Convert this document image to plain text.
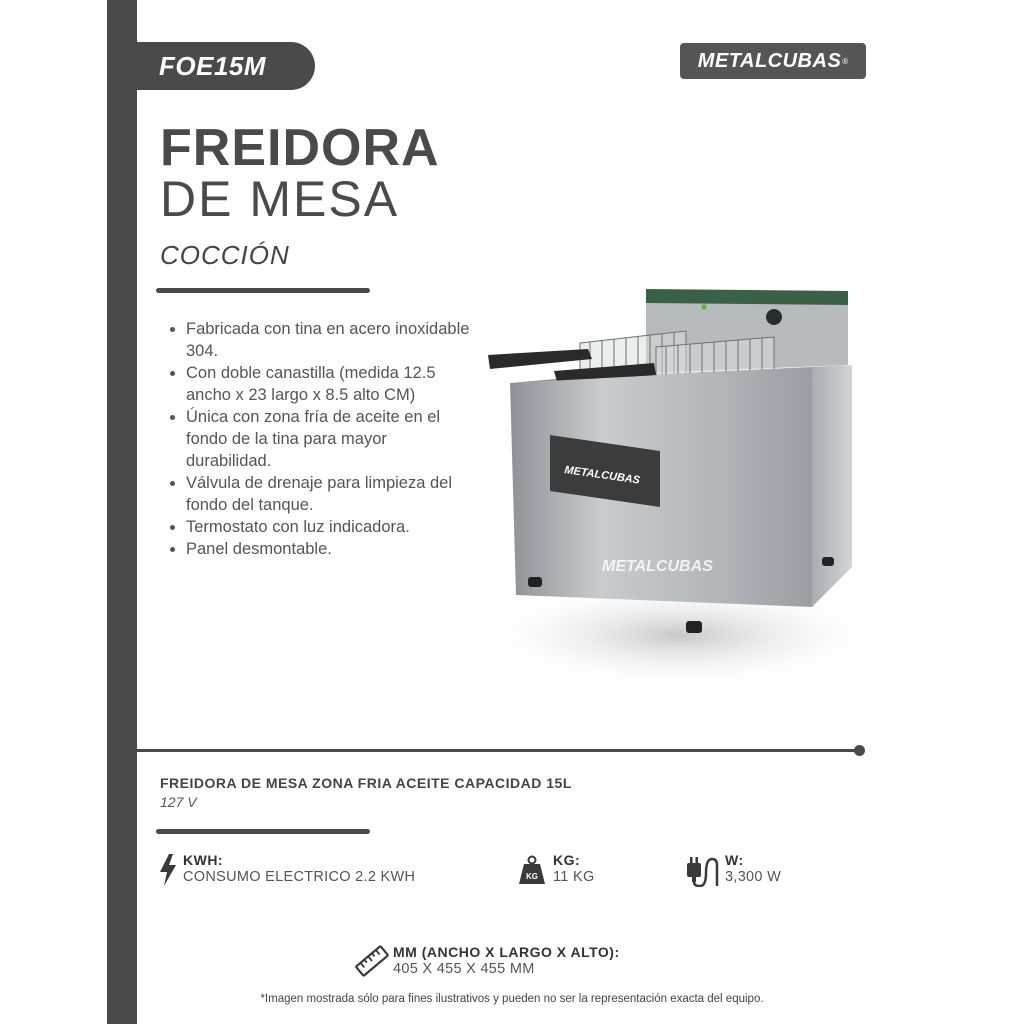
FOE15M	METALCUBAS ®
FREIDORA
DE MESA
COCCIÓN
• Fabricada con tina en acero inoxidable 304.
• Con doble canastilla (medida 12.5 ancho x 23 largo x 8.5 alto CM)
• Única con zona fría de aceite en el fondo de la tina para mayor durabilidad.
• Válvula de drenaje para limpieza del fondo del tanque.
• Termostato con luz indicadora.
• Panel desmontable.
METALCUBAS
METALCUBAS
FREIDORA DE MESA ZONA FRIA ACEITE CAPACIDAD 15L
127 V
KWH:
CONSUMO ELECTRICO 2.2 KWH	KG
KG:
11 KG
W:
3,300 W
MM (ANCHO X LARGO X ALTO):
405 X 455 X 455 MM
*Imagen mostrada sólo para fines ilustrativos y pueden no ser la representación exacta del equipo.
